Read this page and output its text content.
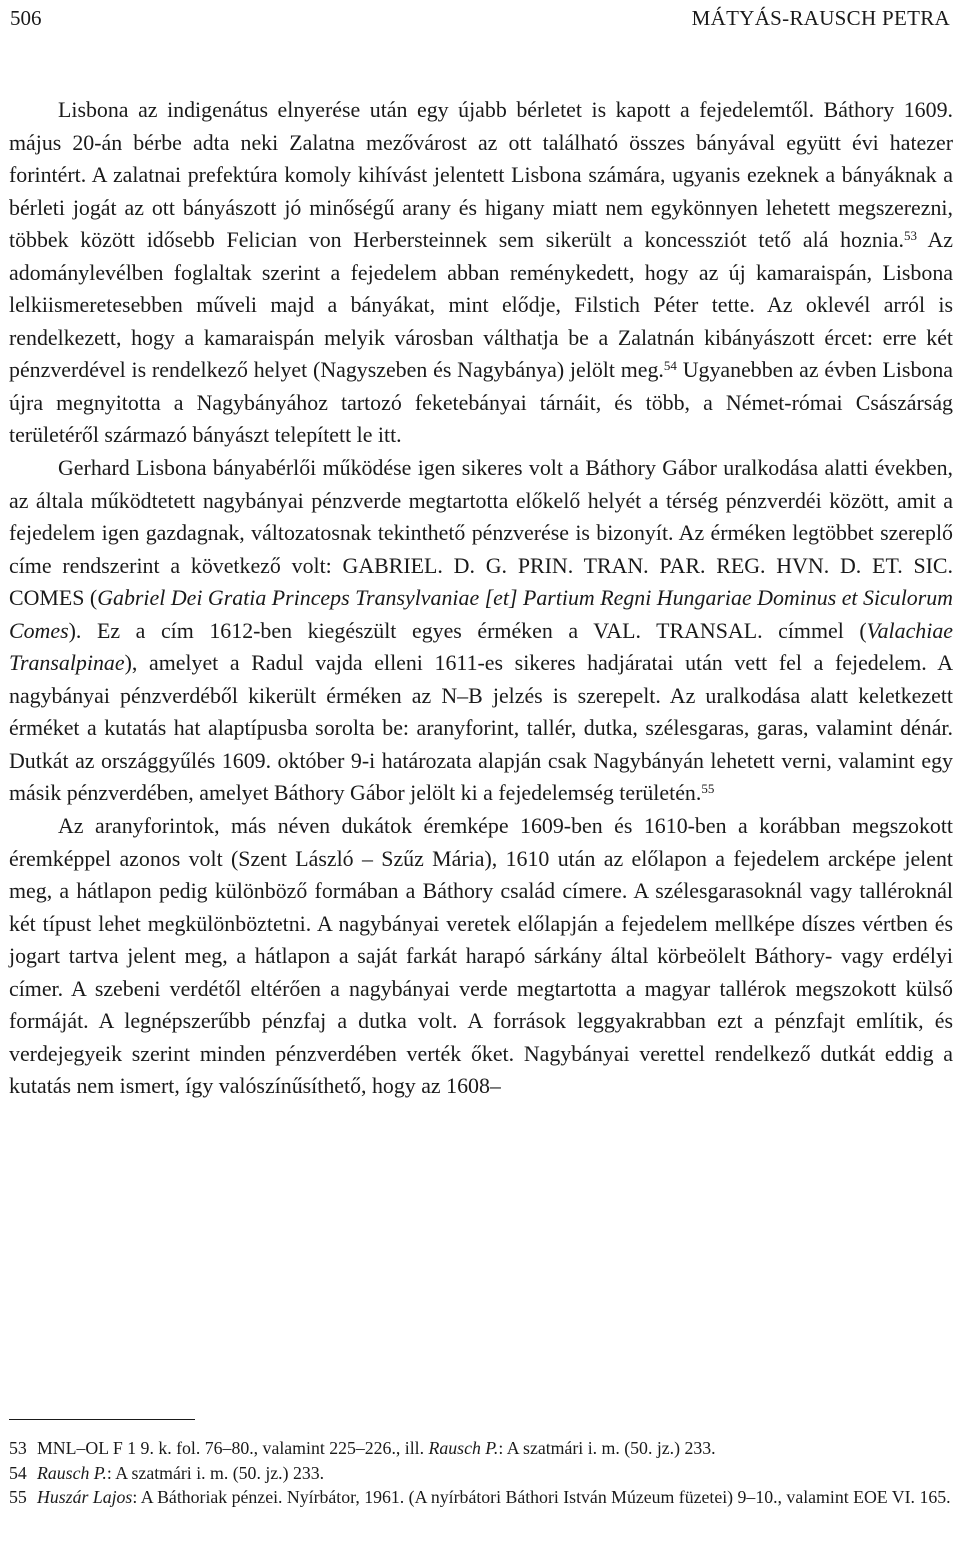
506	MÁTYÁS-RAUSCH PETRA

Lisbona az indigenátus elnyerése után egy újabb bérletet is kapott a fejedelemtől. Báthory 1609. május 20-án bérbe adta neki Zalatna mezővárost az ott található összes bányával együtt évi hatezer forintért. A zalatnai prefektúra komoly kihívást jelentett Lisbona számára, ugyanis ezeknek a bányáknak a bérleti jogát az ott bányászott jó minőségű arany és higany miatt nem egykönnyen lehetett megszerezni, többek között idősebb Felician von Herbersteinnek sem sikerült a koncessziót tető alá hoznia.$^{53}$ Az adománylevélben foglaltak szerint a fejedelem abban reménykedett, hogy az új kamaraispán, Lisbona lelkiismeretesebben műveli majd a bányákat, mint elődje, Filstich Péter tette. Az oklevél arról is rendelkezett, hogy a kamaraispán melyik városban válthatja be a Zalatnán kibányászott ércet: erre két pénzverdével is rendelkező helyet (Nagyszeben és Nagybánya) jelölt meg.$^{54}$ Ugyanebben az évben Lisbona újra megnyitotta a Nagybányához tartozó feketebányai tárnáit, és több, a Német-római Császárság területéről származó bányászt telepített le itt.

Gerhard Lisbona bányabérlői működése igen sikeres volt a Báthory Gábor uralkodása alatti években, az általa működtetett nagybányai pénzverde megtartotta előkelő helyét a térség pénzverdéi között, amit a fejedelem igen gazdagnak, változatosnak tekinthető pénzverése is bizonyít. Az érméken legtöbbet szereplő címe rendszerint a következő volt: GABRIEL. D. G. PRIN. TRAN. PAR. REG. HVN. D. ET. SIC. COMES (Gabriel Dei Gratia Princeps Transylvaniae [et] Partium Regni Hungariae Dominus et Siculorum Comes). Ez a cím 1612-ben kiegészült egyes érméken a VAL. TRANSAL. címmel (Valachiae Transalpinae), amelyet a Radul vajda elleni 1611-es sikeres hadjáratai után vett fel a fejedelem. A nagybányai pénzverdéből kikerült érméken az N–B jelzés is szerepelt. Az uralkodása alatt keletkezett érméket a kutatás hat alaptípusba sorolta be: aranyforint, tallér, dutka, szélesgaras, garas, valamint dénár. Dutkát az országgyűlés 1609. október 9-i határozata alapján csak Nagybányán lehetett verni, valamint egy másik pénzverdében, amelyet Báthory Gábor jelölt ki a fejedelemség területén.$^{55}$

Az aranyforintok, más néven dukátok éremképe 1609-ben és 1610-ben a korábban megszokott éremképpel azonos volt (Szent László – Szűz Mária), 1610 után az előlapon a fejedelem arcképe jelent meg, a hátlapon pedig különböző formában a Báthory család címere. A szélesgarasoknál vagy talléroknál két típust lehet megkülönböztetni. A nagybányai veretek előlapján a fejedelem mellképe díszes vértben és jogart tartva jelent meg, a hátlapon a saját farkát harapó sárkány által körbeölelt Báthory- vagy erdélyi címer. A szebeni verdétől eltérően a nagybányai verde megtartotta a magyar tallérok megszokott külső formáját. A legnépszerűbb pénzfaj a dutka volt. A források leggyakrabban ezt a pénzfajt említik, és verdejegyeik szerint minden pénzverdében verték őket. Nagybányai verettel rendelkező dutkát eddig a kutatás nem ismert, így valószínűsíthető, hogy az 1608–

53 MNL–OL F 1 9. k. fol. 76–80., valamint 225–226., ill. Rausch P.: A szatmári i. m. (50. jz.) 233.
54 Rausch P.: A szatmári i. m. (50. jz.) 233.
55 Huszár Lajos: A Báthoriak pénzei. Nyírbátor, 1961. (A nyírbátori Báthori István Múzeum füzetei) 9–10., valamint EOE VI. 165.
